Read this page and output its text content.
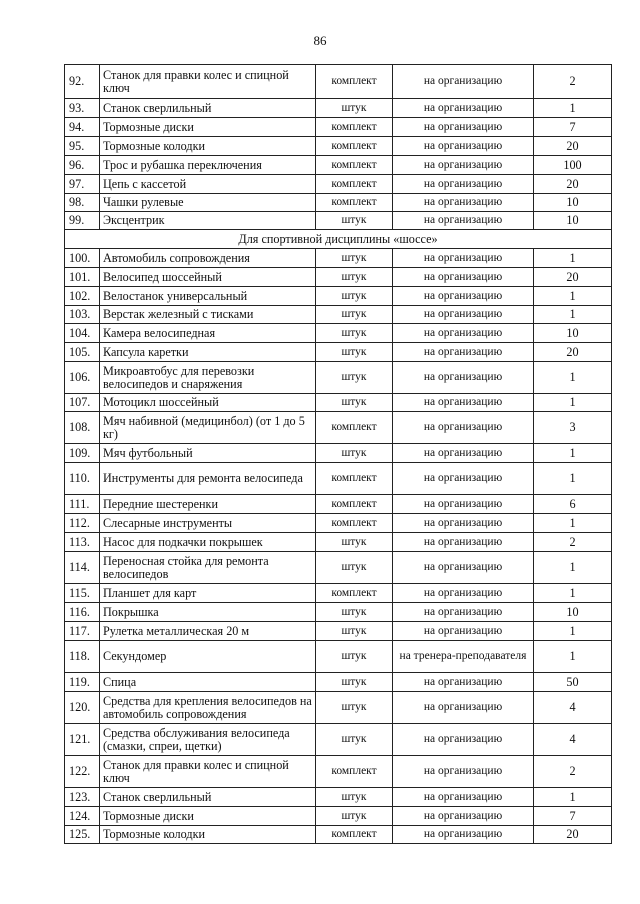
86
92.	Станок для правки колес и спицной ключ	комплект	на организацию	2
93.	Станок сверлильный	штук	на организацию	1
94.	Тормозные диски	комплект	на организацию	7
95.	Тормозные колодки	комплект	на организацию	20
96.	Трос и рубашка переключения	комплект	на организацию	100
97.	Цепь с кассетой	комплект	на организацию	20
98.	Чашки рулевые	комплект	на организацию	10
99.	Эксцентрик	штук	на организацию	10
Для спортивной дисциплины «шоссе»				
100.	Автомобиль сопровождения	штук	на организацию	1
101.	Велосипед шоссейный	штук	на организацию	20
102.	Велостанок универсальный	штук	на организацию	1
103.	Верстак железный с тисками	штук	на организацию	1
104.	Камера велосипедная	штук	на организацию	10
105.	Капсула каретки	штук	на организацию	20
106.	Микроавтобус для перевозки велосипедов и снаряжения	штук	на организацию	1
107.	Мотоцикл шоссейный	штук	на организацию	1
108.	Мяч набивной (медицинбол) (от 1 до 5 кг)	комплект	на организацию	3
109.	Мяч футбольный	штук	на организацию	1
110.	Инструменты для ремонта велосипеда	комплект	на организацию	1
111.	Передние шестеренки	комплект	на организацию	6
112.	Слесарные инструменты	комплект	на организацию	1
113.	Насос для подкачки покрышек	штук	на организацию	2
114.	Переносная стойка для ремонта велосипедов	штук	на организацию	1
115.	Планшет для карт	комплект	на организацию	1
116.	Покрышка	штук	на организацию	10
117.	Рулетка металлическая 20 м	штук	на организацию	1
118.	Секундомер	штук	на тренера-преподавателя	1
119.	Спица	штук	на организацию	50
120.	Средства для крепления велосипедов на автомобиль сопровождения	штук	на организацию	4
121.	Средства обслуживания велосипеда (смазки, спреи, щетки)	штук	на организацию	4
122.	Станок для правки колес и спицной ключ	комплект	на организацию	2
123.	Станок сверлильный	штук	на организацию	1
124.	Тормозные диски	штук	на организацию	7
125.	Тормозные колодки	комплект	на организацию	20
